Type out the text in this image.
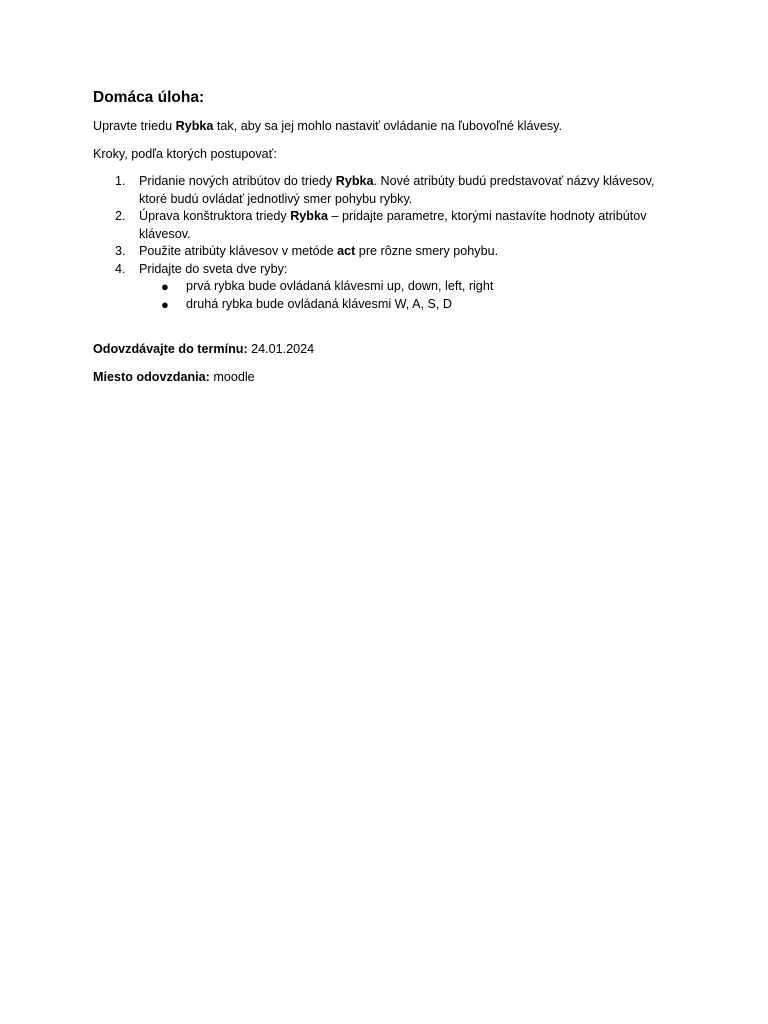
Domáca úloha:
Upravte triedu Rybka tak, aby sa jej mohlo nastaviť ovládanie na ľubovoľné klávesy.
Kroky, podľa ktorých postupovať:
1. Pridanie nových atribútov do triedy Rybka. Nové atribúty budú predstavovať názvy klávesov, ktoré budú ovládať jednotlivý smer pohybu rybky.
2. Úprava konštruktora triedy Rybka – pridajte parametre, ktorými nastavíte hodnoty atribútov klávesov.
3. Použite atribúty klávesov v metóde act pre rôzne smery pohybu.
4. Pridajte do sveta dve ryby:
● prvá rybka bude ovládaná klávesmi up, down, left, right
● druhá rybka bude ovládaná klávesmi W, A, S, D
Odovzdávajte do termínu: 24.01.2024
Miesto odovzdania: moodle
